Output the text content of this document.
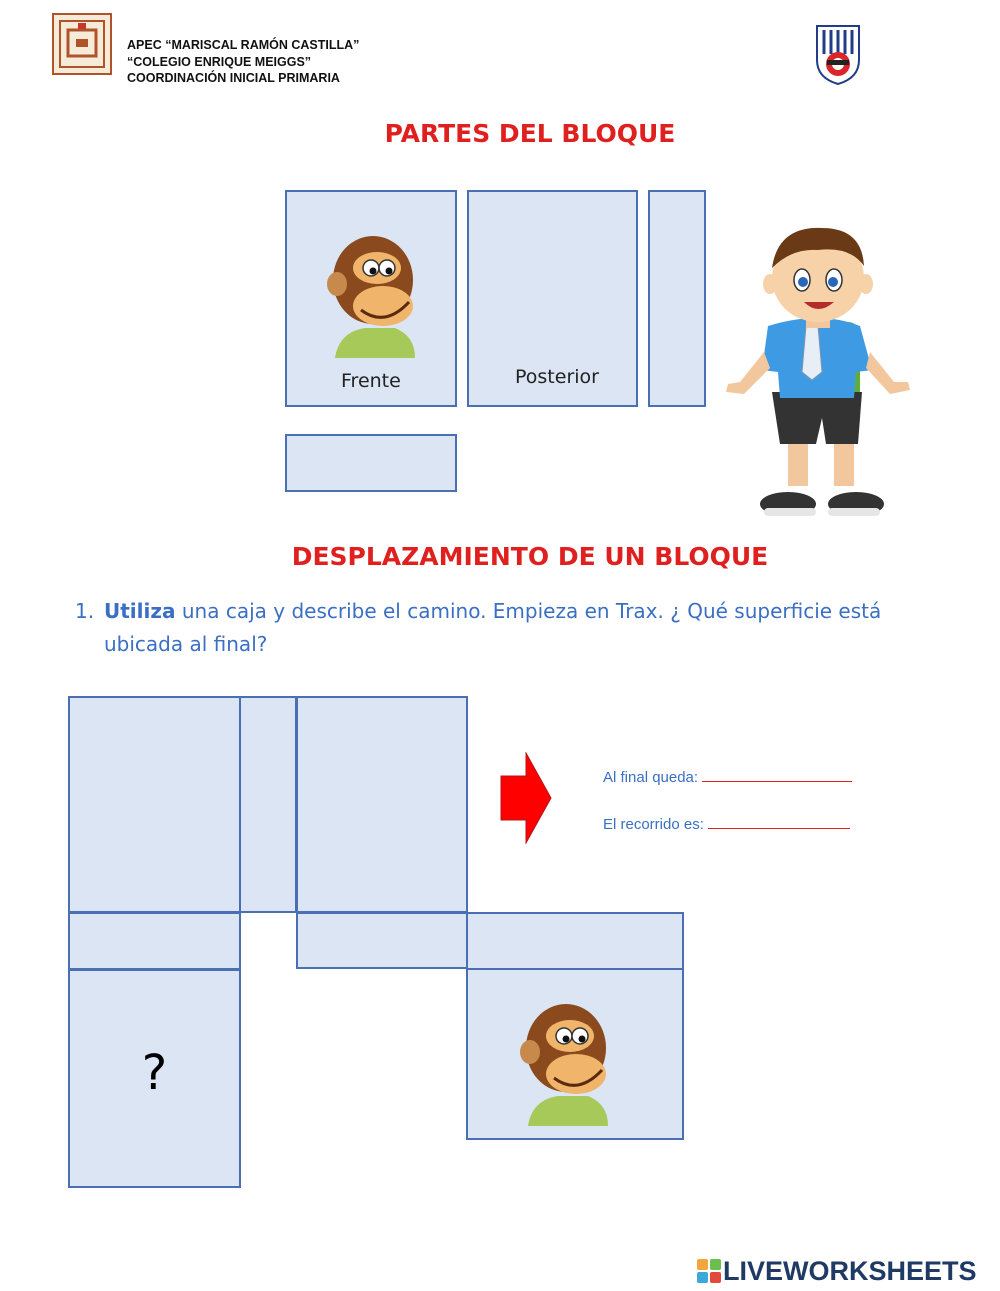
APEC “MARISCAL RAMÓN CASTILLA”
“COLEGIO ENRIQUE MEIGGS”
COORDINACIÓN INICIAL PRIMARIA
PARTES DEL BLOQUE
Frente	Posterior
DESPLAZAMIENTO DE UN BLOQUE
1. Utiliza una caja y describe el camino. Empieza en Trax. ¿ Qué superficie está
ubicada al final?
?
Al final queda:
El recorrido es:
LIVEWORKSHEETS
